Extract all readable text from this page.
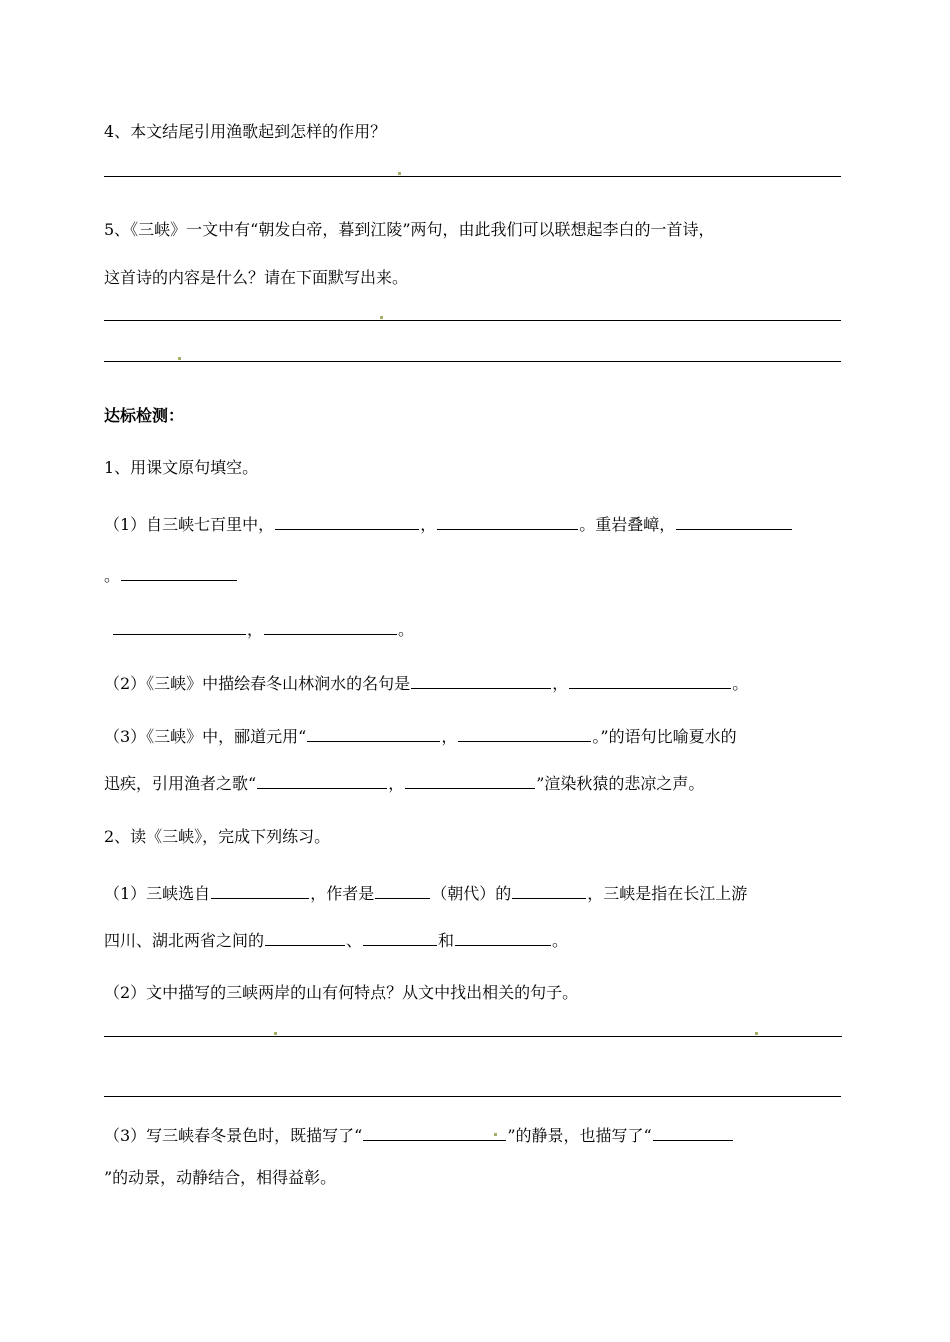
4、本文结尾引用渔歌起到怎样的作用？
5、《三峡》一文中有“朝发白帝，暮到江陵”两句，由此我们可以联想起李白的一首诗，
这首诗的内容是什么？请在下面默写出来。
达标检测：
1、用课文原句填空。
（1）自三峡七百里中，	，	。重岩叠嶂，
。
，	。
（2）《三峡》中描绘春冬山林涧水的名句是	，	。
（3）《三峡》中，郦道元用“	，	。”的语句比喻夏水的
迅疾，引用渔者之歌“	，	”渲染秋猿的悲凉之声。
2、读《三峡》，完成下列练习。
（1）三峡选自	，作者是	（朝代）的	，三峡是指在长江上游
四川、湖北两省之间的	、	和	。
（2）文中描写的三峡两岸的山有何特点？从文中找出相关的句子。
（3）写三峡春冬景色时，既描写了“	”的静景，也描写了“
”的动景，动静结合，相得益彰。
